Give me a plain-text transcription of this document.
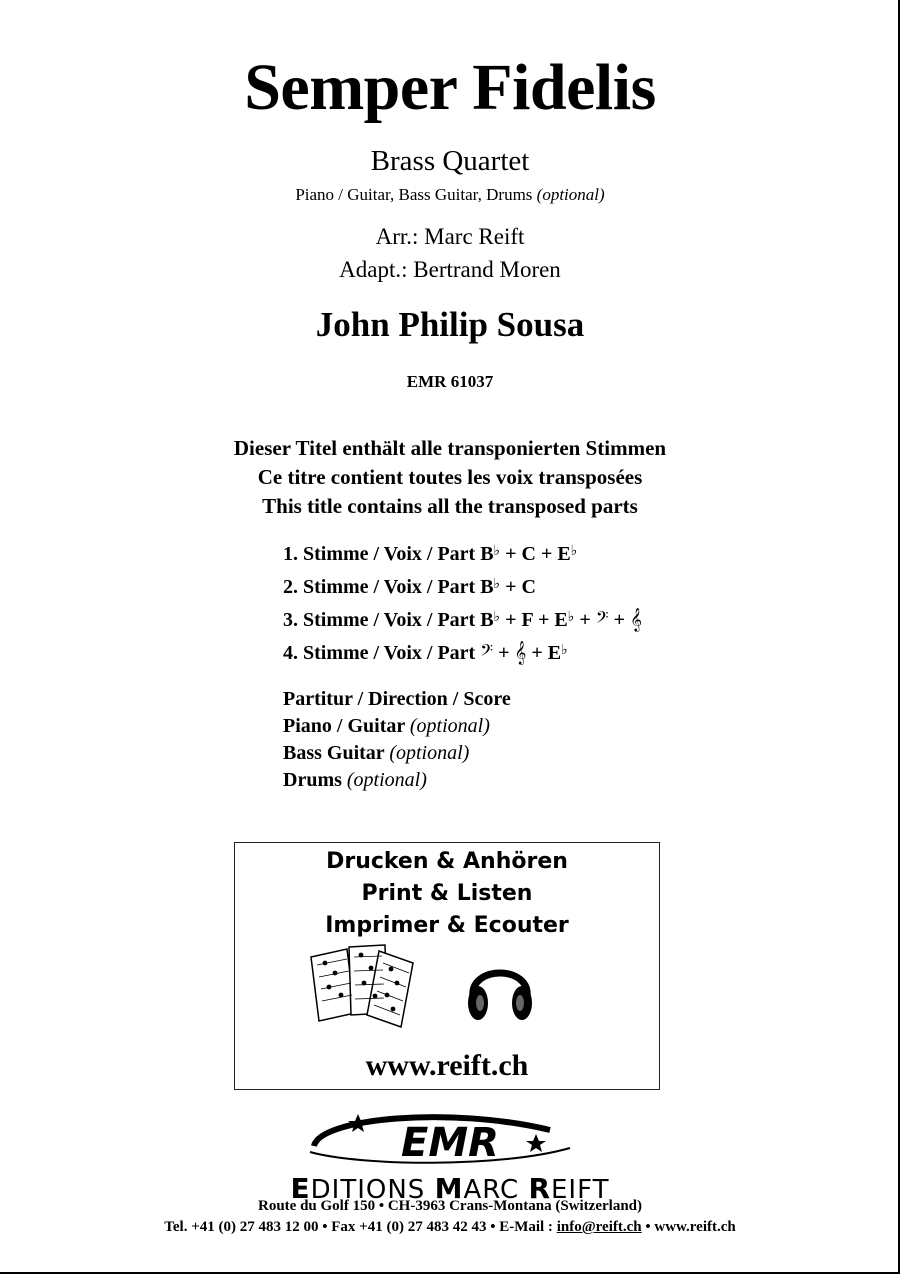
Semper Fidelis
Brass Quartet
Piano / Guitar, Bass Guitar, Drums (optional)
Arr.: Marc Reift
Adapt.: Bertrand Moren
John Philip Sousa
EMR 61037
Dieser Titel enthält alle transponierten Stimmen
Ce titre contient toutes les voix transposées
This title contains all the transposed parts
1. Stimme / Voix / Part B♭ + C + E♭
2. Stimme / Voix / Part B♭ + C
3. Stimme / Voix / Part B♭ + F + E♭ + 𝄢 + 𝄞
4. Stimme / Voix / Part 𝄢 + 𝄞 + E♭
Partitur / Direction / Score
Piano / Guitar (optional)
Bass Guitar (optional)
Drums (optional)
Drucken & Anhören
Print & Listen
Imprimer & Ecouter
www.reift.ch
EMR
EDITIONS MARC REIFT
Route du Golf 150 • CH-3963 Crans-Montana (Switzerland)
Tel. +41 (0) 27 483 12 00 • Fax +41 (0) 27 483 42 43 • E-Mail : info@reift.ch • www.reift.ch
